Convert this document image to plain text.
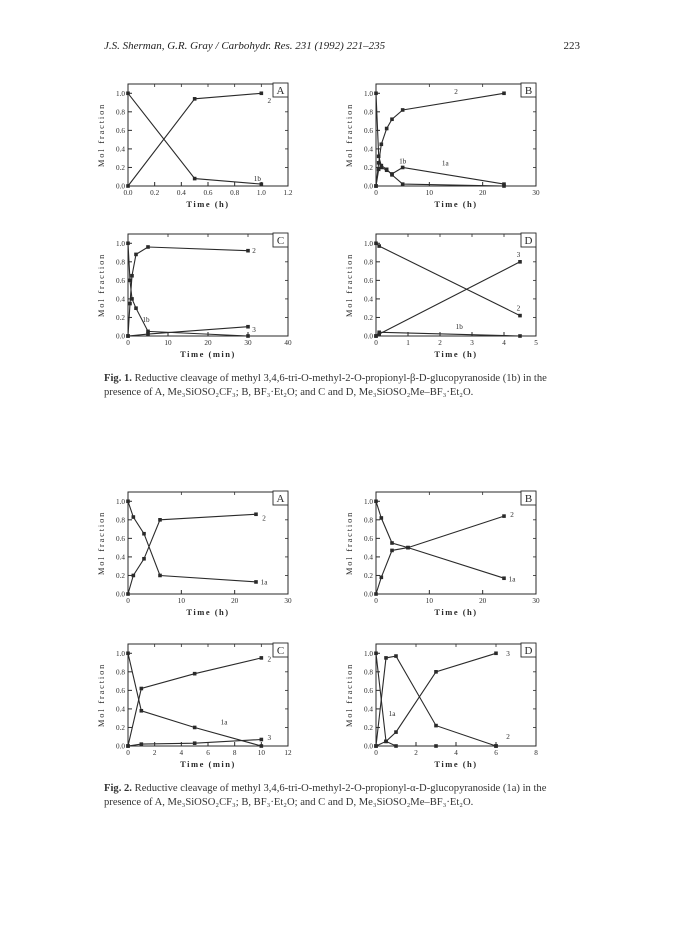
J.S. Sherman, G.R. Gray / Carbohydr. Res. 231 (1992) 221–235	223
0.0 0.2 0.4 0.6 0.8 1.0 1.2
0.0
0.2
0.4
0.6
0.8
1.0
Time (h)
Mol fraction
A
2
1b
0	10	20	30
0.0
0.2
0.4
0.6
0.8
1.0
Time (h)
Mol fraction
B
2
1b	1a
0	10	20	30	40
0.0
0.2
0.4
0.6
0.8
1.0
Time (min)
Mol fraction
C
2
1b
3
0	1	2	3	4	5
0.0
0.2
0.4
0.6
0.8
1.0
Time (h)
Mol fraction
D
3
2
1b
Fig. 1. Reductive cleavage of methyl 3,4,6-tri-O-methyl-2-O-propionyl-β-D-glucopyranoside (1b) in the presence of A, Me₃SiOSO₂CF₃; B, BF₃·Et₂O; and C and D, Me₃SiOSO₂Me–BF₃·Et₂O.
0	10	20	30
0.0
0.2
0.4
0.6
0.8
1.0
Time (h)
Mol fraction
A
2
1a
0	10	20	30
0.0
0.2
0.4
0.6
0.8
1.0
Time (h)
Mol fraction
B
2
1a
0	2	4	6	8	10	12
0.0
0.2
0.4
0.6
0.8
1.0
Time (min)
Mol fraction
C
2
1a
3
0	2	4	6	8
0.0
0.2
0.4
0.6
0.8
1.0
Time (h)
Mol fraction
D
3
1a
2
Fig. 2. Reductive cleavage of methyl 3,4,6-tri-O-methyl-2-O-propionyl-α-D-glucopyranoside (1a) in the presence of A, Me₃SiOSO₂CF₃; B, BF₃·Et₂O; and C and D, Me₃SiOSO₂Me–BF₃·Et₂O.
